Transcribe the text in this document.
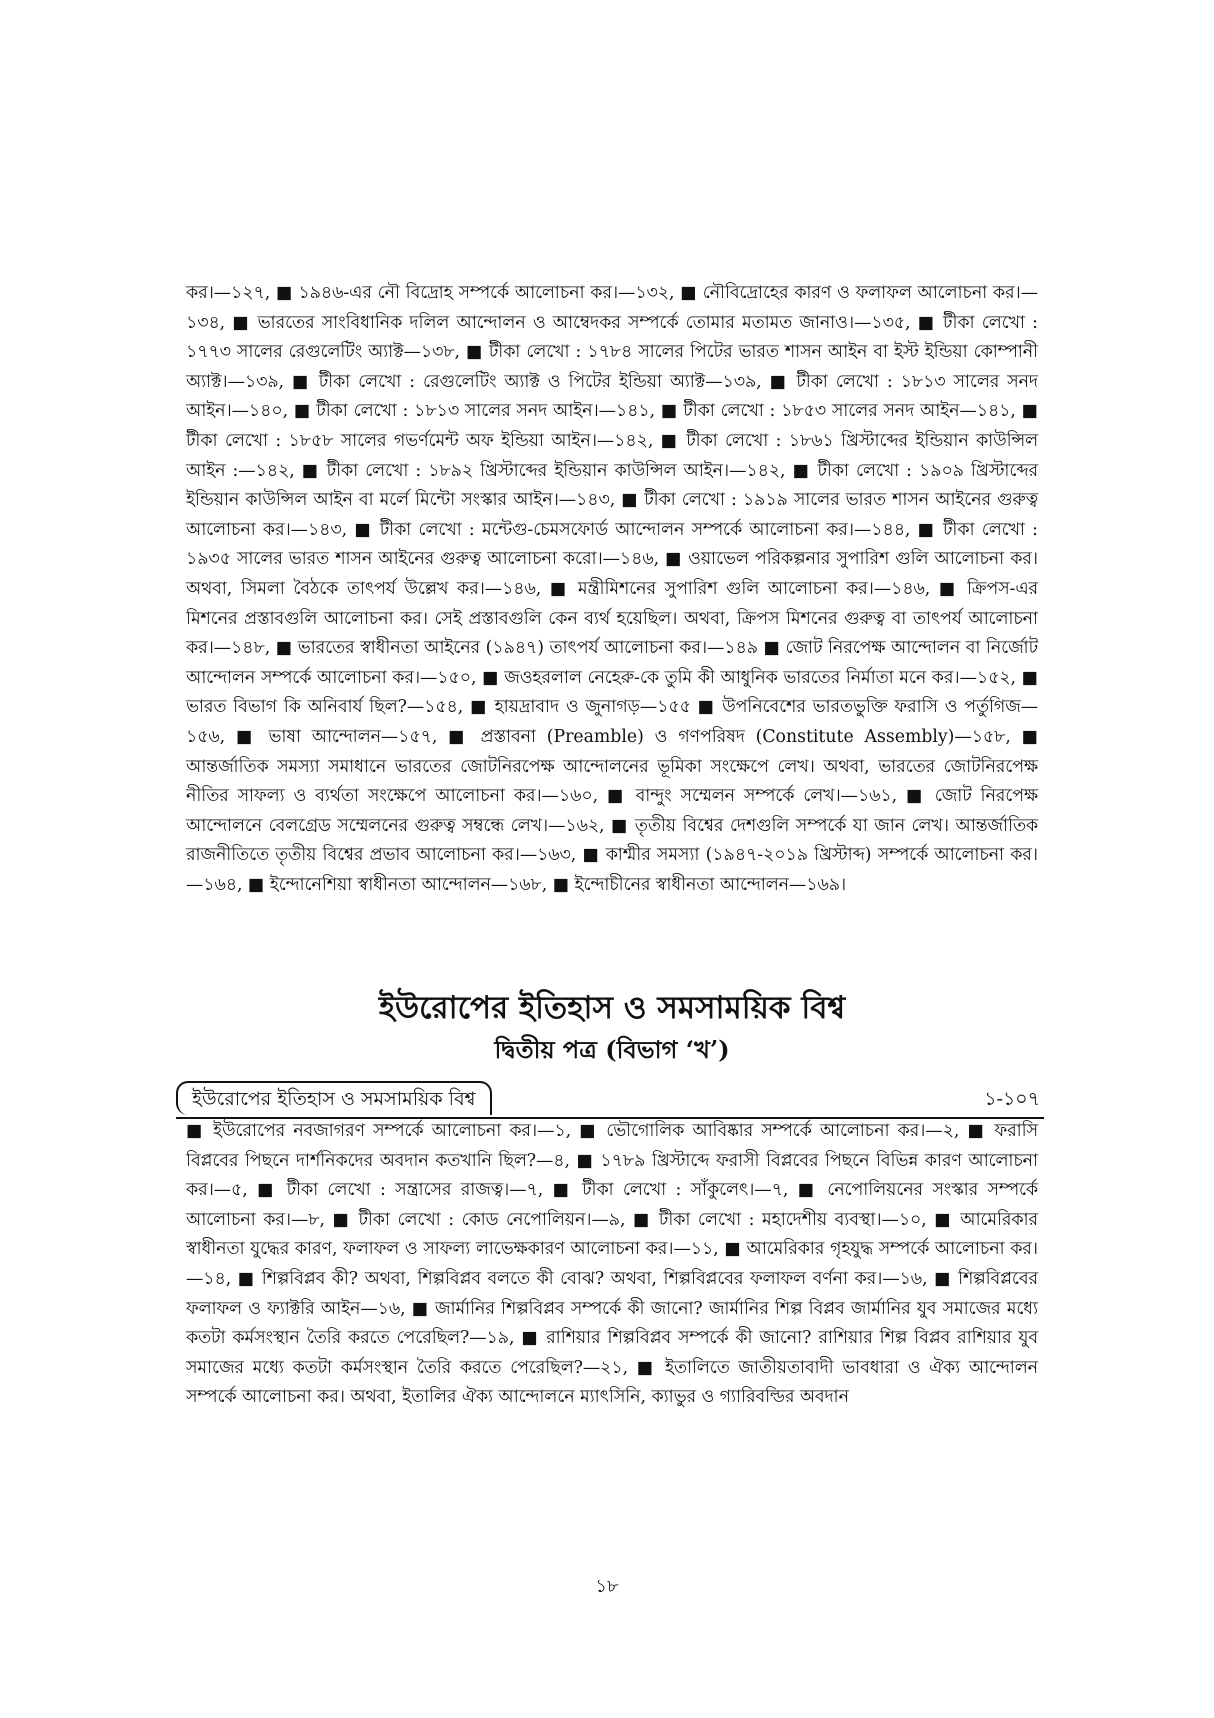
কর।—১২৭, ■ ১৯৪৬-এর নৌ বিদ্রোহ সম্পর্কে আলোচনা কর।—১৩২, ■ নৌবিদ্রোহের কারণ ও ফলাফল আলোচনা কর।—১৩৪, ■ ভারতের সাংবিধানিক দলিল আন্দোলন ও আম্বেদকর সম্পর্কে তোমার মতামত জানাও।—১৩৫, ■ টীকা লেখো : ১৭৭৩ সালের রেগুলেটিং অ্যাক্ট—১৩৮, ■ টীকা লেখো : ১৭৮৪ সালের পিটের ভারত শাসন আইন বা ইস্ট ইন্ডিয়া কোম্পানী অ্যাক্ট।—১৩৯, ■ টীকা লেখো : রেগুলেটিং অ্যাক্ট ও পিটের ইন্ডিয়া অ্যাক্ট—১৩৯, ■ টীকা লেখো : ১৮১৩ সালের সনদ আইন।—১৪০, ■ টীকা লেখো : ১৮১৩ সালের সনদ আইন।—১৪১, ■ টীকা লেখো : ১৮৫৩ সালের সনদ আইন—১৪১, ■ টীকা লেখো : ১৮৫৮ সালের গভর্ণমেন্ট অফ ইন্ডিয়া আইন।—১৪২, ■ টীকা লেখো : ১৮৬১ খ্রিস্টাব্দের ইন্ডিয়ান কাউন্সিল আইন :—১৪২, ■ টীকা লেখো : ১৮৯২ খ্রিস্টাব্দের ইন্ডিয়ান কাউন্সিল আইন।—১৪২, ■ টীকা লেখো : ১৯০৯ খ্রিস্টাব্দের ইন্ডিয়ান কাউন্সিল আইন বা মর্লে মিন্টো সংস্কার আইন।—১৪৩, ■ টীকা লেখো : ১৯১৯ সালের ভারত শাসন আইনের গুরুত্ব আলোচনা কর।—১৪৩, ■ টীকা লেখো : মন্টেগু-চেমসফোর্ড আন্দোলন সম্পর্কে আলোচনা কর।—১৪৪, ■ টীকা লেখো : ১৯৩৫ সালের ভারত শাসন আইনের গুরুত্ব আলোচনা করো।—১৪৬, ■ ওয়াভেল পরিকল্পনার সুপারিশ গুলি আলোচনা কর। অথবা, সিমলা বৈঠকে তাৎপর্য উল্লেখ কর।—১৪৬, ■ মন্ত্রীমিশনের সুপারিশ গুলি আলোচনা কর।—১৪৬, ■ ক্রিপস-এর মিশনের প্রস্তাবগুলি আলোচনা কর। সেই প্রস্তাবগুলি কেন ব্যর্থ হয়েছিল। অথবা, ক্রিপস মিশনের গুরুত্ব বা তাৎপর্য আলোচনা কর।—১৪৮, ■ ভারতের স্বাধীনতা আইনের (১৯৪৭) তাৎপর্য আলোচনা কর।—১৪৯ ■ জোট নিরপেক্ষ আন্দোলন বা নির্জোট আন্দোলন সম্পর্কে আলোচনা কর।—১৫০, ■ জওহরলাল নেহেরু-কে তুমি কী আধুনিক ভারতের নির্মাতা মনে কর।—১৫২, ■ ভারত বিভাগ কি অনিবার্য ছিল?—১৫৪, ■ হায়দ্রাবাদ ও জুনাগড়—১৫৫ ■ উপনিবেশের ভারতভুক্তি ফরাসি ও পর্তুগিজ—১৫৬, ■ ভাষা আন্দোলন—১৫৭, ■ প্রস্তাবনা (Preamble) ও গণপরিষদ (Constitute Assembly)—১৫৮, ■ আন্তর্জাতিক সমস্যা সমাধানে ভারতের জোটনিরপেক্ষ আন্দোলনের ভূমিকা সংক্ষেপে লেখ। অথবা, ভারতের জোটনিরপেক্ষ নীতির সাফল্য ও ব্যর্থতা সংক্ষেপে আলোচনা কর।—১৬০, ■ বান্দুং সম্মেলন সম্পর্কে লেখ।—১৬১, ■ জোট নিরপেক্ষ আন্দোলনে বেলগ্রেড সম্মেলনের গুরুত্ব সম্বন্ধে লেখ।—১৬২, ■ তৃতীয় বিশ্বের দেশগুলি সম্পর্কে যা জান লেখ। আন্তর্জাতিক রাজনীতিতে তৃতীয় বিশ্বের প্রভাব আলোচনা কর।—১৬৩, ■ কাশ্মীর সমস্যা (১৯৪৭-২০১৯ খ্রিস্টাব্দ) সম্পর্কে আলোচনা কর।—১৬৪, ■ ইন্দোনেশিয়া স্বাধীনতা আন্দোলন—১৬৮, ■ ইন্দোচীনের স্বাধীনতা আন্দোলন—১৬৯।

ইউরোপের ইতিহাস ও সমসাময়িক বিশ্ব
দ্বিতীয় পত্র (বিভাগ ‘খ’)
ইউরোপের ইতিহাস ও সমসাময়িক বিশ্ব	১-১০৭

■ ইউরোপের নবজাগরণ সম্পর্কে আলোচনা কর।—১, ■ ভৌগোলিক আবিষ্কার সম্পর্কে আলোচনা কর।—২, ■ ফরাসি বিপ্লবের পিছনে দার্শনিকদের অবদান কতখানি ছিল?—৪, ■ ১৭৮৯ খ্রিস্টাব্দে ফরাসী বিপ্লবের পিছনে বিভিন্ন কারণ আলোচনা কর।—৫, ■ টীকা লেখো : সন্ত্রাসের রাজত্ব।—৭, ■ টীকা লেখো : সাঁকুলেৎ।—৭, ■ নেপোলিয়নের সংস্কার সম্পর্কে আলোচনা কর।—৮, ■ টীকা লেখো : কোড নেপোলিয়ন।—৯, ■ টীকা লেখো : মহাদেশীয় ব্যবস্থা।—১০, ■ আমেরিকার স্বাধীনতা যুদ্ধের কারণ, ফলাফল ও সাফল্য লাভেক্ষকারণ আলোচনা কর।—১১, ■ আমেরিকার গৃহযুদ্ধ সম্পর্কে আলোচনা কর।—১৪, ■ শিল্পবিপ্লব কী? অথবা, শিল্পবিপ্লব বলতে কী বোঝ? অথবা, শিল্পবিপ্লবের ফলাফল বর্ণনা কর।—১৬, ■ শিল্পবিপ্লবের ফলাফল ও ফ্যাক্টরি আইন—১৬, ■ জার্মানির শিল্পবিপ্লব সম্পর্কে কী জানো? জার্মানির শিল্প বিপ্লব জার্মানির যুব সমাজের মধ্যে কতটা কর্মসংস্থান তৈরি করতে পেরেছিল?—১৯, ■ রাশিয়ার শিল্পবিপ্লব সম্পর্কে কী জানো? রাশিয়ার শিল্প বিপ্লব রাশিয়ার যুব সমাজের মধ্যে কতটা কর্মসংস্থান তৈরি করতে পেরেছিল?—২১, ■ ইতালিতে জাতীয়তাবাদী ভাবধারা ও ঐক্য আন্দোলন সম্পর্কে আলোচনা কর। অথবা, ইতালির ঐক্য আন্দোলনে ম্যাৎসিনি, ক্যাভুর ও গ্যারিবল্ডির অবদান

১৮
